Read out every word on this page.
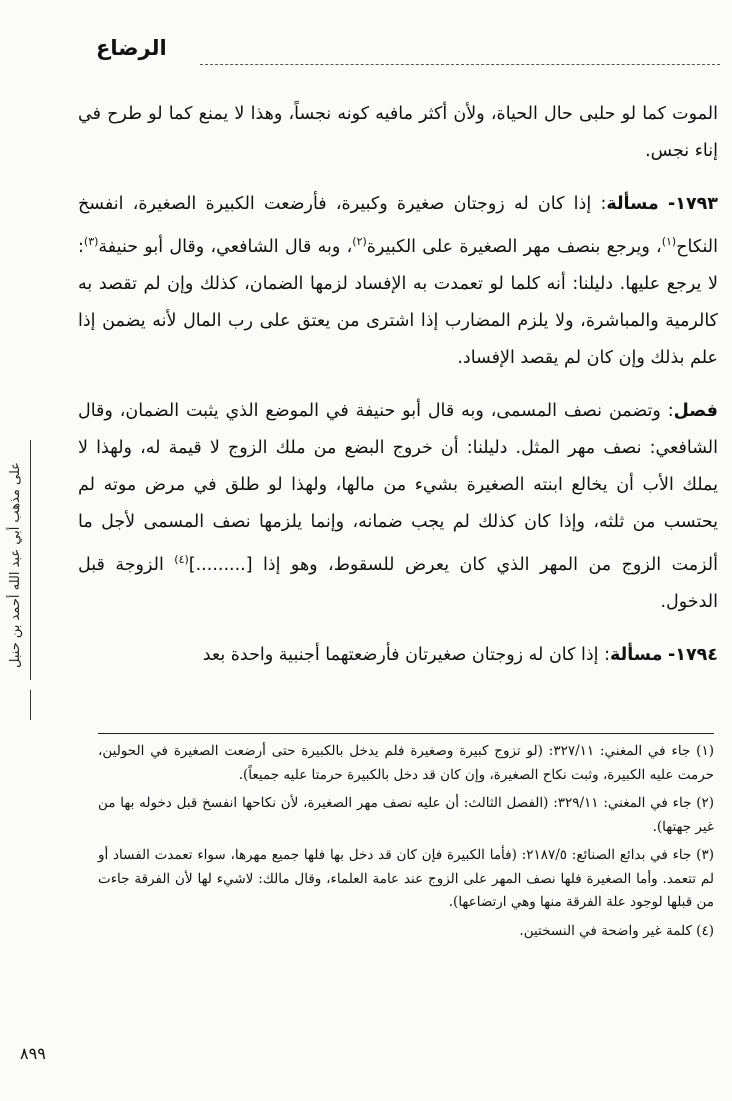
الرضاع

الموت كما لو حلبى حال الحياة، ولأن أكثر مافيه كونه نجساً، وهذا لا يمنع كما لو طرح في إناء نجس.

١٧٩٣- مسألة: إذا كان له زوجتان صغيرة وكبيرة، فأرضعت الكبيرة الصغيرة، انفسخ النكاح$^{(١)}$، ويرجع بنصف مهر الصغيرة على الكبيرة$^{(٢)}$، وبه قال الشافعي، وقال أبو حنيفة$^{(٣)}$: لا يرجع عليها. دليلنا: أنه كلما لو تعمدت به الإفساد لزمها الضمان، كذلك وإن لم تقصد به كالرمية والمباشرة، ولا يلزم المضارب إذا اشترى من يعتق على رب المال لأنه يضمن إذا علم بذلك وإن كان لم يقصد الإفساد.

فصل: وتضمن نصف المسمى، وبه قال أبو حنيفة في الموضع الذي يثبت الضمان، وقال الشافعي: نصف مهر المثل. دليلنا: أن خروج البضع من ملك الزوج لا قيمة له، ولهذا لا يملك الأب أن يخالع ابنته الصغيرة بشيء من مالها، ولهذا لو طلق في مرض موته لم يحتسب من ثلثه، وإذا كان كذلك لم يجب ضمانه، وإنما يلزمها نصف المسمى لأجل ما ألزمت الزوج من المهر الذي كان يعرض للسقوط، وهو إذا [.........]$^{(٤)}$ الزوجة قبل الدخول.

١٧٩٤- مسألة: إذا كان له زوجتان صغيرتان فأرضعتهما أجنبية واحدة بعد

على مذهب أبي عبد الله أحمد بن حنبل

(١) جاء في المغني: ٣٢٧/١١: (لو تزوج كبيرة وصغيرة فلم يدخل بالكبيرة حتى أرضعت الصغيرة في الحولين، حرمت عليه الكبيرة، وثبت نكاح الصغيرة، وإن كان قد دخل بالكبيرة حرمتا عليه جميعاً).

(٢) جاء في المغني: ٣٢٩/١١: (الفصل الثالث: أن عليه نصف مهر الصغيرة، لأن نكاحها انفسخ قبل دخوله بها من غير جهتها).

(٣) جاء في بدائع الصنائع: ٢١٨٧/٥: (فأما الكبيرة فإن كان قد دخل بها فلها جميع مهرها، سواء تعمدت الفساد أو لم تتعمد. وأما الصغيرة فلها نصف المهر على الزوج عند عامة العلماء، وقال مالك: لاشيء لها لأن الفرقة جاءت من قبلها لوجود علة الفرقة منها وهي ارتضاعها).

(٤) كلمة غير واضحة في النسختين.

٨٩٩
